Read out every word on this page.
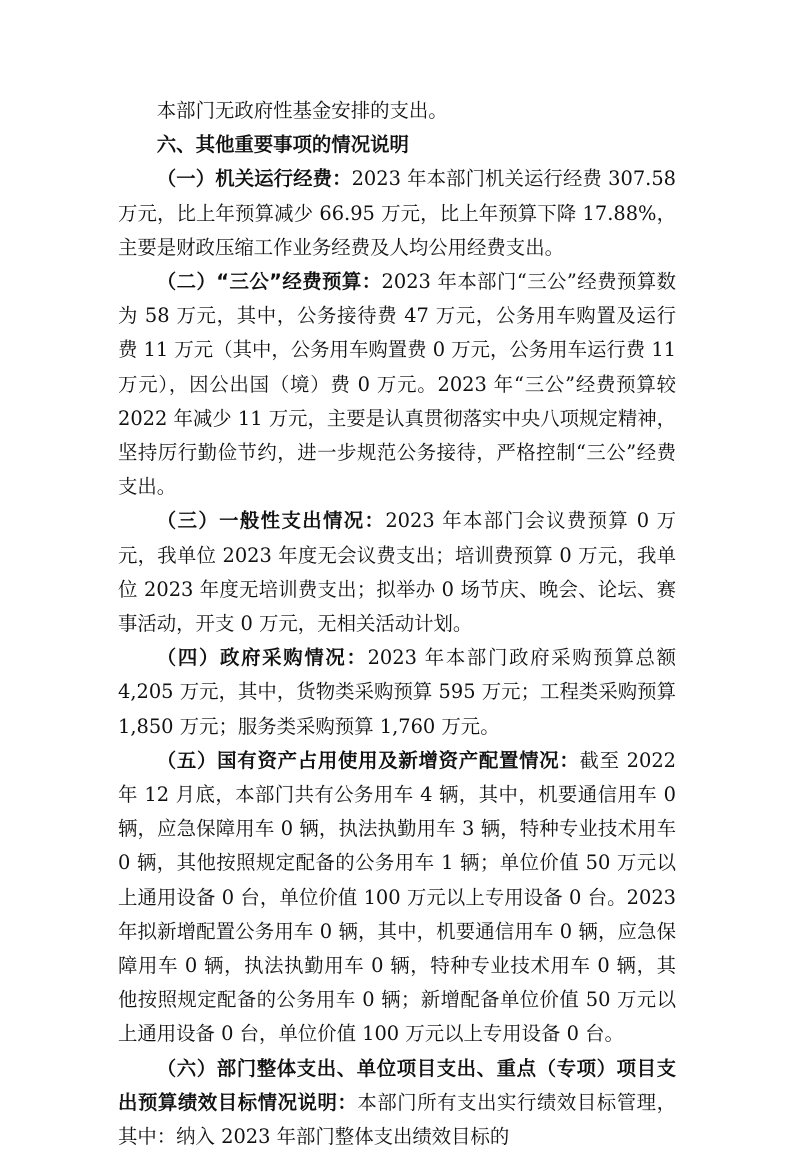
本部门无政府性基金安排的支出。

六、其他重要事项的情况说明

（一）机关运行经费：2023 年本部门机关运行经费 307.58 万元，比上年预算减少 66.95 万元，比上年预算下降 17.88%，主要是财政压缩工作业务经费及人均公用经费支出。

（二）“三公”经费预算：2023 年本部门“三公”经费预算数为 58 万元，其中，公务接待费 47 万元，公务用车购置及运行费 11 万元（其中，公务用车购置费 0 万元，公务用车运行费 11 万元），因公出国（境）费 0 万元。2023 年“三公”经费预算较 2022 年减少 11 万元，主要是认真贯彻落实中央八项规定精神，坚持厉行勤俭节约，进一步规范公务接待，严格控制“三公”经费支出。

（三）一般性支出情况：2023 年本部门会议费预算 0 万元，我单位 2023 年度无会议费支出；培训费预算 0 万元，我单位 2023 年度无培训费支出；拟举办 0 场节庆、晚会、论坛、赛事活动，开支 0 万元，无相关活动计划。

（四）政府采购情况：2023 年本部门政府采购预算总额 4,205 万元，其中，货物类采购预算 595 万元；工程类采购预算 1,850 万元；服务类采购预算 1,760 万元。

（五）国有资产占用使用及新增资产配置情况：截至 2022 年 12 月底，本部门共有公务用车 4 辆，其中，机要通信用车 0 辆，应急保障用车 0 辆，执法执勤用车 3 辆，特种专业技术用车 0 辆，其他按照规定配备的公务用车 1 辆；单位价值 50 万元以上通用设备 0 台，单位价值 100 万元以上专用设备 0 台。2023 年拟新增配置公务用车 0 辆，其中，机要通信用车 0 辆，应急保障用车 0 辆，执法执勤用车 0 辆，特种专业技术用车 0 辆，其他按照规定配备的公务用车 0 辆；新增配备单位价值 50 万元以上通用设备 0 台，单位价值 100 万元以上专用设备 0 台。

（六）部门整体支出、单位项目支出、重点（专项）项目支出预算绩效目标情况说明：本部门所有支出实行绩效目标管理，其中：纳入 2023 年部门整体支出绩效目标的
